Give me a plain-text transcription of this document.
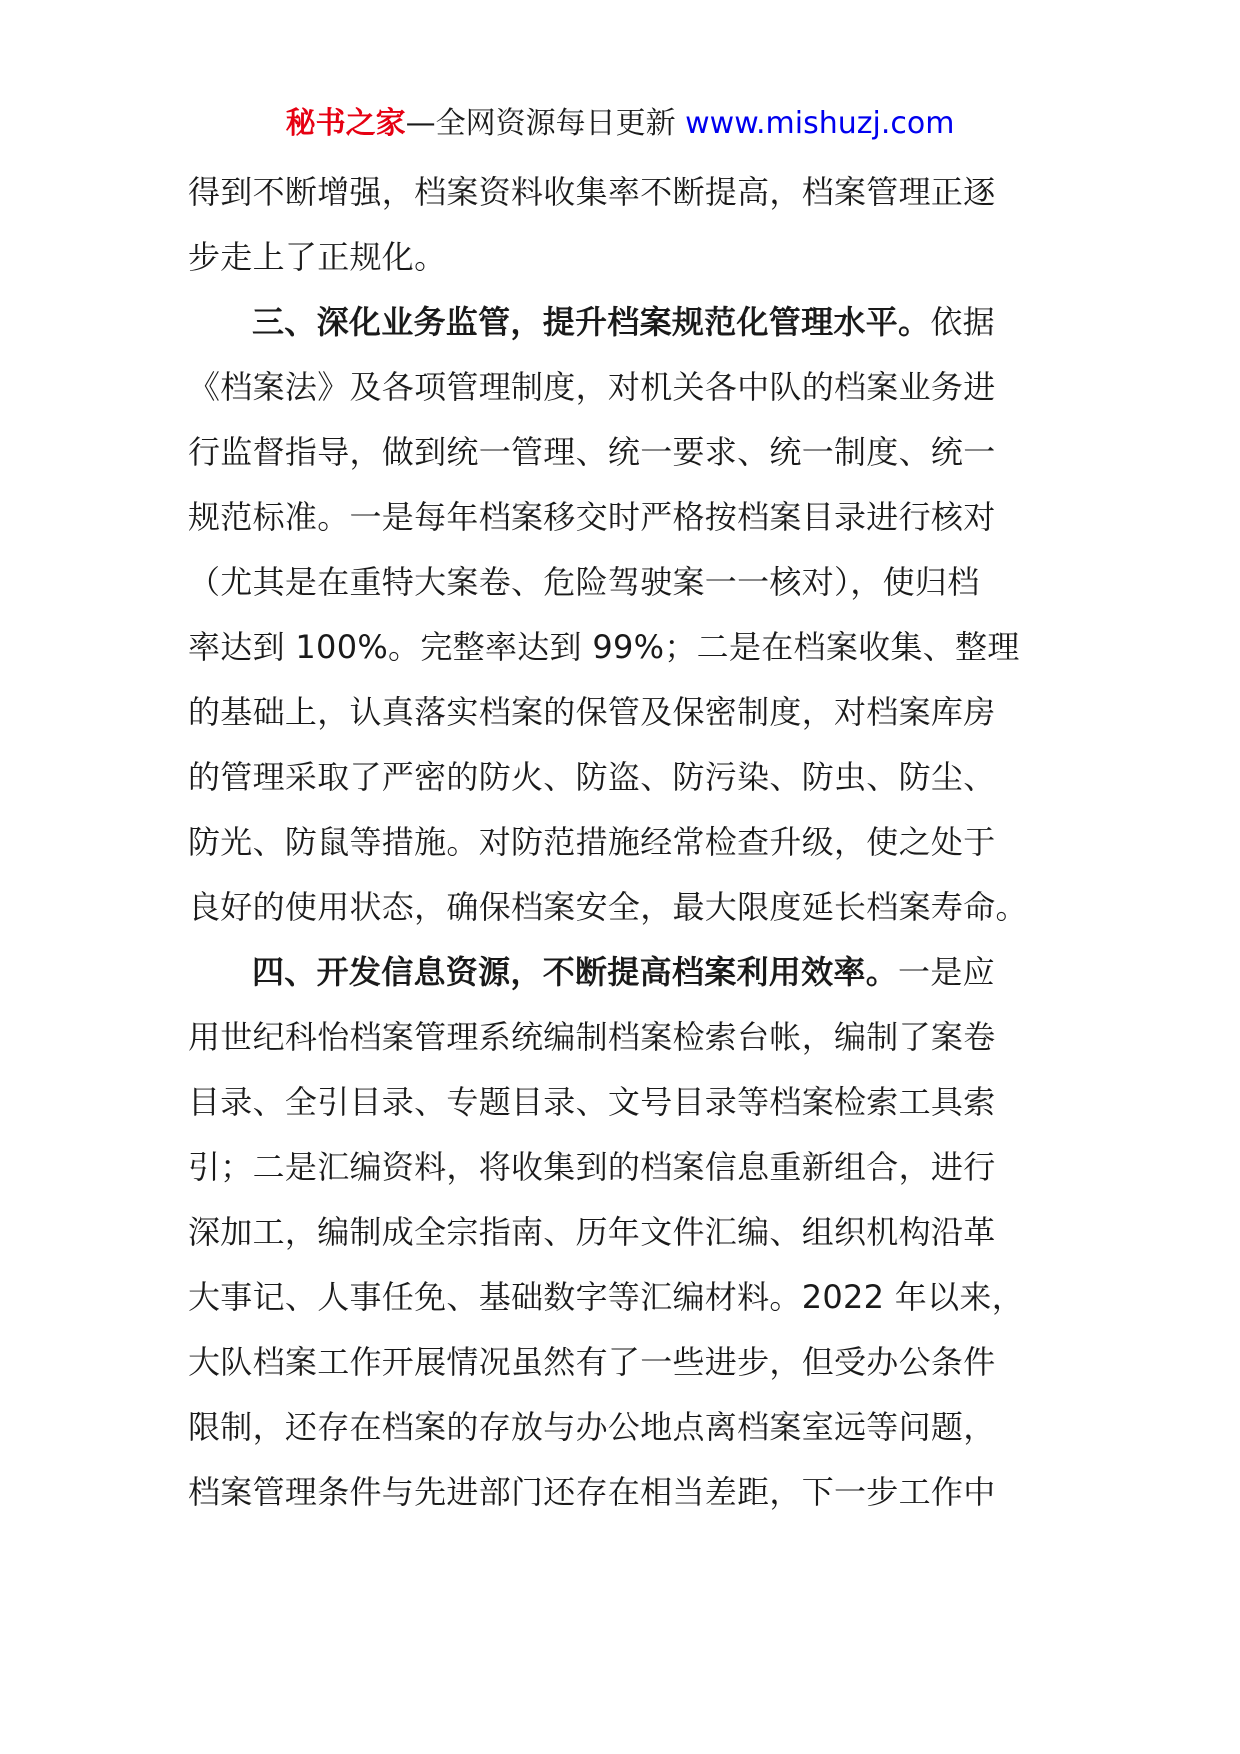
秘书之家—全网资源每日更新 www.mishuzj.com
得到不断增强，档案资料收集率不断提高，档案管理正逐
步走上了正规化。
三、深化业务监管，提升档案规范化管理水平。依据
《档案法》及各项管理制度，对机关各中队的档案业务进
行监督指导，做到统一管理、统一要求、统一制度、统一
规范标准。一是每年档案移交时严格按档案目录进行核对
（尤其是在重特大案卷、危险驾驶案一一核对），使归档
率达到 100%。完整率达到 99%；二是在档案收集、整理
的基础上，认真落实档案的保管及保密制度，对档案库房
的管理采取了严密的防火、防盗、防污染、防虫、防尘、
防光、防鼠等措施。对防范措施经常检查升级，使之处于
良好的使用状态，确保档案安全，最大限度延长档案寿命。
四、开发信息资源，不断提高档案利用效率。一是应
用世纪科怡档案管理系统编制档案检索台帐，编制了案卷
目录、全引目录、专题目录、文号目录等档案检索工具索
引；二是汇编资料，将收集到的档案信息重新组合，进行
深加工，编制成全宗指南、历年文件汇编、组织机构沿革
大事记、人事任免、基础数字等汇编材料。2022 年以来，
大队档案工作开展情况虽然有了一些进步，但受办公条件
限制，还存在档案的存放与办公地点离档案室远等问题，
档案管理条件与先进部门还存在相当差距，下一步工作中
